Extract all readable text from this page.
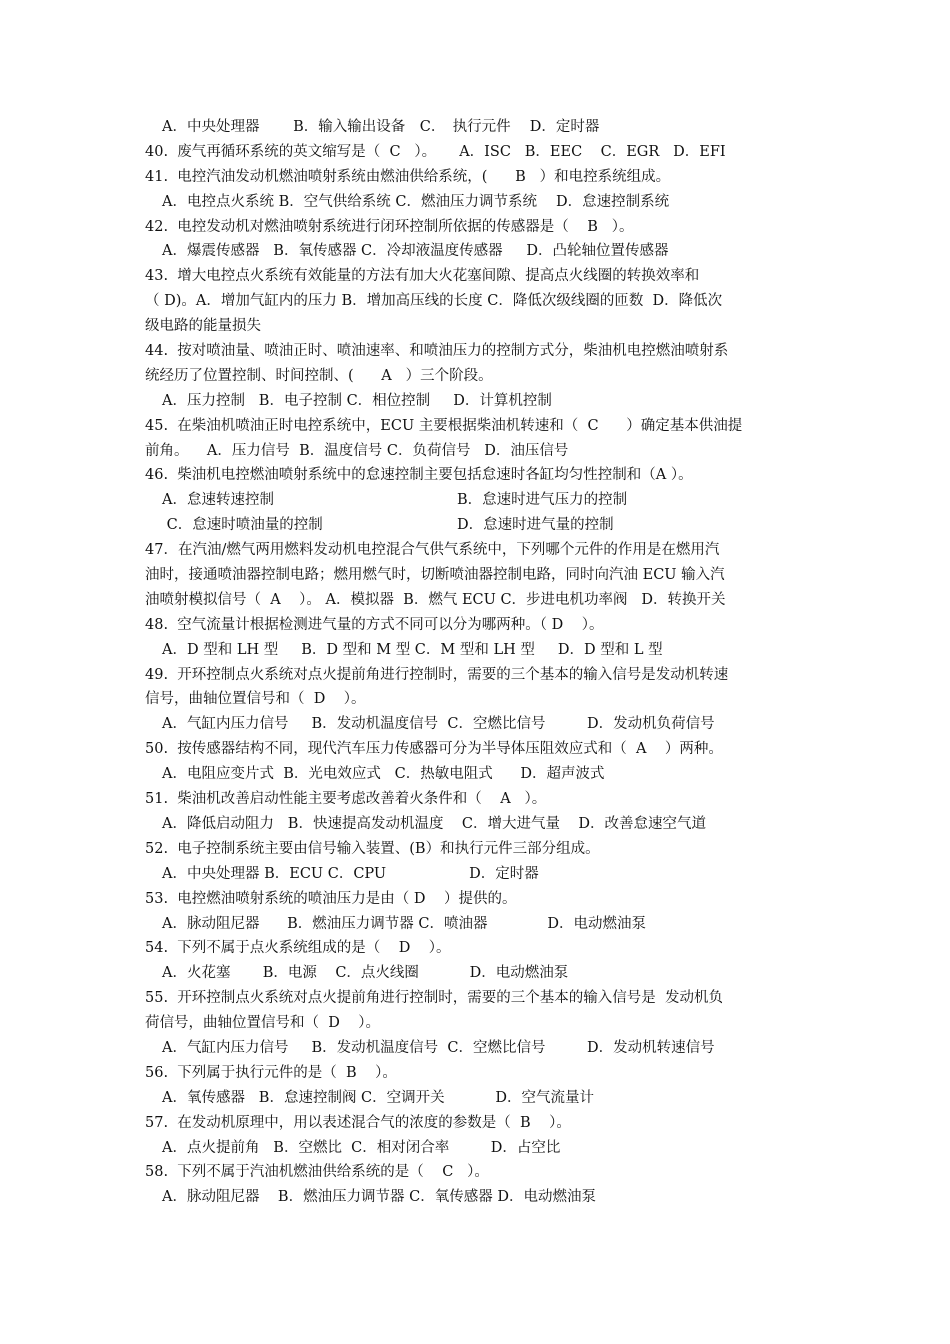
A．中央处理器　　 B．输入输出设备　C．　执行元件　 D．定时器
40.  废气再循环系统的英文缩写是（  C   ）。     A．ISC   B．EEC    C．EGR   D．EFI
41.  电控汽油发动机燃油喷射系统由燃油供给系统，(      B   ）和电控系统组成。
A．电控点火系统 B．空气供给系统 C．燃油压力调节系统　 D．怠速控制系统
42.  电控发动机对燃油喷射系统进行闭环控制所依据的传感器是（    B   ）。
A．爆震传感器   B．氧传感器 C．冷却液温度传感器　  D．凸轮轴位置传感器
43.  增大电控点火系统有效能量的方法有加大火花塞间隙、提高点火线圈的转换效率和
（ D)。A．增加气缸内的压力 B．增加高压线的长度 C．降低次级线圈的匝数  D．降低次
级电路的能量损失
44.  按对喷油量、喷油正时、喷油速率、和喷油压力的控制方式分，柴油机电控燃油喷射系
统经历了位置控制、时间控制、(      A   ）三个阶段。
A．压力控制   B．电子控制 C．相位控制     D．计算机控制
45.  在柴油机喷油正时电控系统中，ECU 主要根据柴油机转速和（  C      ）确定基本供油提
前角。    A．压力信号  B．温度信号 C．负荷信号   D．油压信号
46.  柴油机电控燃油喷射系统中的怠速控制主要包括怠速时各缸均匀性控制和（A ）。
A．怠速转速控制	B．怠速时进气压力的控制
C．怠速时喷油量的控制	D．怠速时进气量的控制
47．在汽油/燃气两用燃料发动机电控混合气供气系统中，下列哪个元件的作用是在燃用汽
油时，接通喷油器控制电路；燃用燃气时，切断喷油器控制电路，同时向汽油 ECU 输入汽
油喷射模拟信号（  A    ）。 A．模拟器  B．燃气 ECU C．步进电机功率阀   D．转换开关
48.  空气流量计根据检测进气量的方式不同可以分为哪两种。（ D    ）。
A．D 型和 LH 型     B．D 型和 M 型 C．M 型和 LH 型     D．D 型和 L 型
49.  开环控制点火系统对点火提前角进行控制时，需要的三个基本的输入信号是发动机转速
信号，曲轴位置信号和（  D    ）。
A．气缸内压力信号     B．发动机温度信号  C．空燃比信号         D．发动机负荷信号
50.  按传感器结构不同，现代汽车压力传感器可分为半导体压阻效应式和（  A    ）两种。
A．电阻应变片式  B．光电效应式   C．热敏电阻式      D．超声波式
51.  柴油机改善启动性能主要考虑改善着火条件和（    A   ）。
A．降低启动阻力   B．快速提高发动机温度    C．增大进气量    D．改善怠速空气道
52.  电子控制系统主要由信号输入装置、(B）和执行元件三部分组成。
A．中央处理器 B．ECU C．CPU                  D．定时器
53.  电控燃油喷射系统的喷油压力是由（ D    ）提供的。
A．脉动阻尼器      B．燃油压力调节器 C．喷油器             D．电动燃油泵
54.  下列不属于点火系统组成的是（    D    ）。
A．火花塞       B．电源    C．点火线圈           D．电动燃油泵
55.  开环控制点火系统对点火提前角进行控制时，需要的三个基本的输入信号是  发动机负
荷信号，曲轴位置信号和（  D    ）。
A．气缸内压力信号     B．发动机温度信号  C．空燃比信号         D．发动机转速信号
56.  下列属于执行元件的是（  B    ）。
A．氧传感器   B．怠速控制阀 C．空调开关           D．空气流量计
57.  在发动机原理中，用以表述混合气的浓度的参数是（  B    ）。
A．点火提前角   B．空燃比  C．相对闭合率         D．占空比
58.  下列不属于汽油机燃油供给系统的是（    C   ）。
A．脉动阻尼器    B．燃油压力调节器 C．氧传感器 D．电动燃油泵
